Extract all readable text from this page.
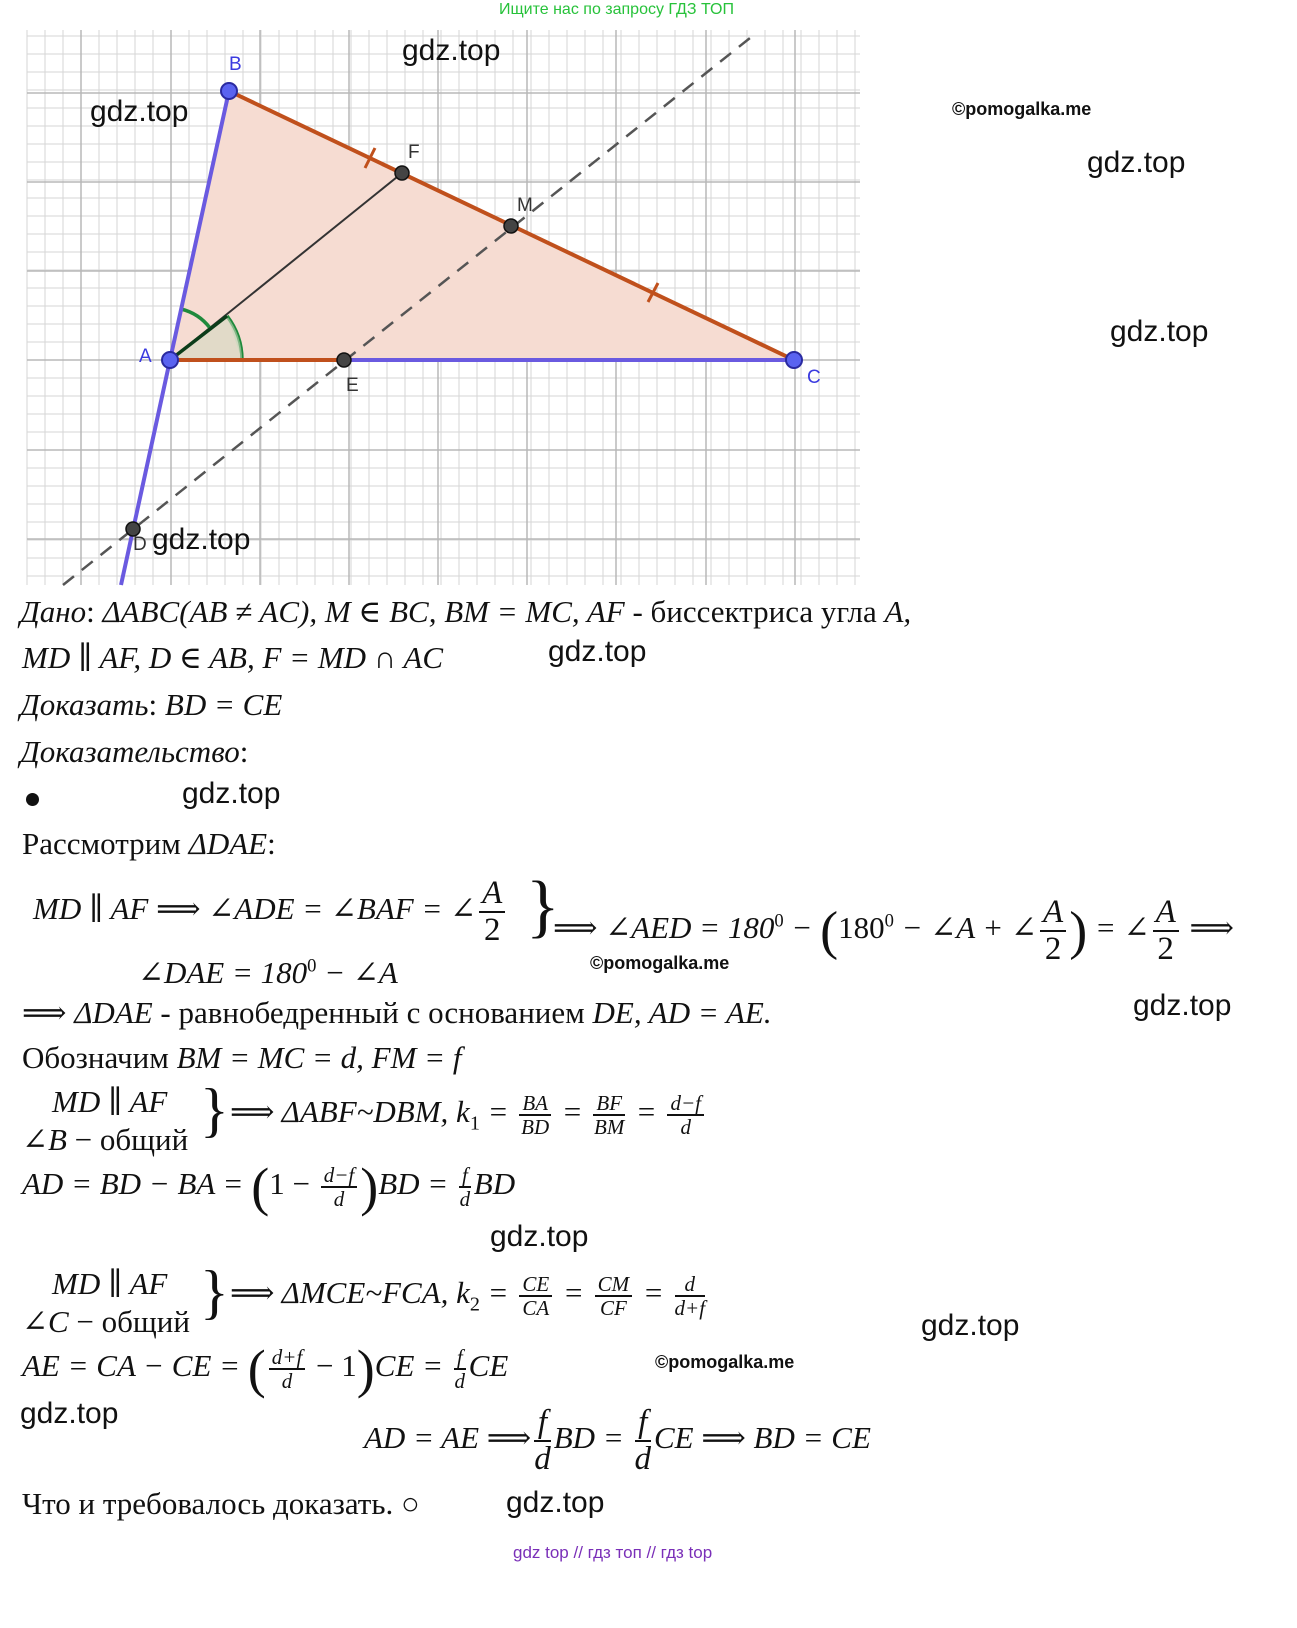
Ищите нас по запросу ГДЗ ТОП
B
A
C
F
M
E
D
gdz.top
gdz.top	©pomogalka.me
gdz.top
gdz.top
gdz.top
gdz.top
gdz.top
©pomogalka.me
gdz.top
gdz.top
gdz.top
©pomogalka.me
gdz.top
gdz.top
Дано: ΔABC(AB ≠ AC), M ∈ BC, BM = MC, AF - биссектриса угла A,
MD ∥ AF, D ∈ AB, F = MD ∩ AC
Доказать: BD = CE
Доказательство:
Рассмотрим ΔDAE:
MD ∥ AF ⟹ ∠ADE = ∠BAF = ∠ $\frac{A}{2}$
∠DAE = $180^0$ − ∠A
}
⟹ ∠AED = $180^0 - (180^0$ − ∠A + ∠ $\frac{A}{2}$ ) = ∠ $\frac{A}{2}$ ⟹
⟹ ΔDAE - равнобедренный с основанием DE, AD = AE.
Обозначим BM = MC = d, FM = f
MD ∥ AF
∠B − общий } ⟹ ΔABF~DBM, $k_1 = \frac{BA}{BD} = \frac{BF}{BM} = \frac{d-f}{d}$
AD = BD − BA = $(1 - \frac{d-f}{d} )BD = \frac{f}{d}$ BD
MD ∥ AF
∠C − общий } ⟹ ΔMCE~FCA, $k_2 = \frac{CE}{CA} = \frac{CM}{CF} = \frac{d}{d+f}$
AE = CA − CE = ( $\frac{d+f}{d} - 1)CE = \frac{f}{d}$ CE
AD = AE ⟹ $\frac{f}{d}$ BD = $\frac{f}{d}$ CE ⟹ BD = CE
Что и требовалось доказать. ○
gdz top // гдз топ // гдз top
